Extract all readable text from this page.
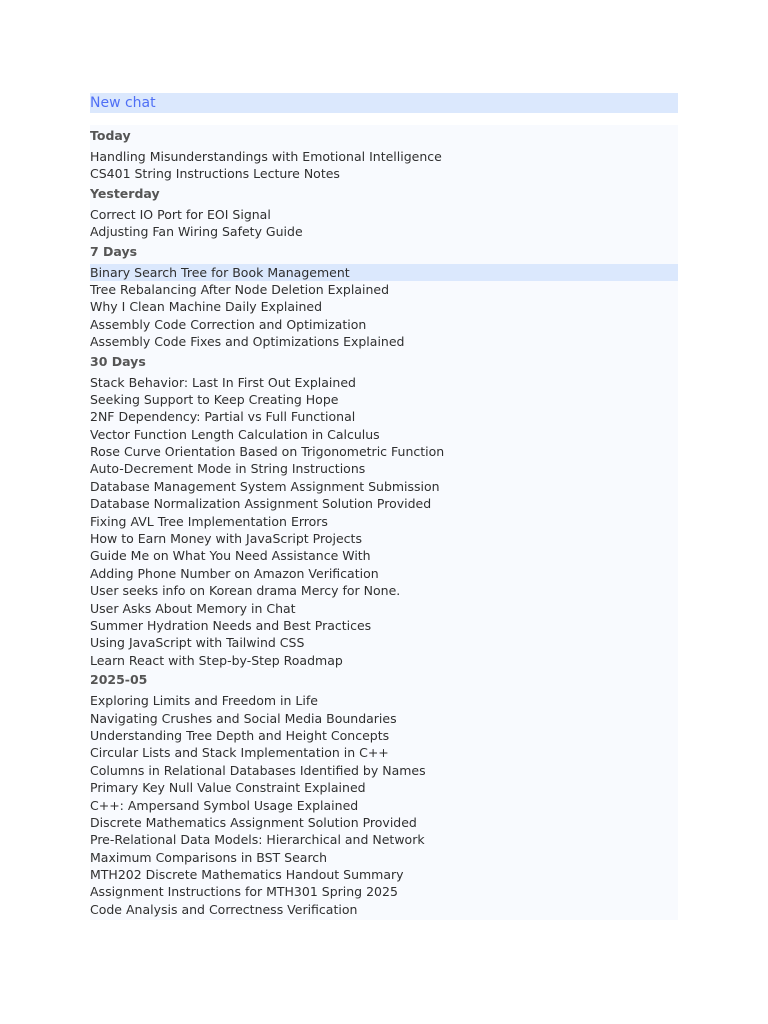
New chat
Today
Handling Misunderstandings with Emotional Intelligence
CS401 String Instructions Lecture Notes
Yesterday
Correct IO Port for EOI Signal
Adjusting Fan Wiring Safety Guide
7 Days
Binary Search Tree for Book Management
Tree Rebalancing After Node Deletion Explained
Why I Clean Machine Daily Explained
Assembly Code Correction and Optimization
Assembly Code Fixes and Optimizations Explained
30 Days
Stack Behavior: Last In First Out Explained
Seeking Support to Keep Creating Hope
2NF Dependency: Partial vs Full Functional
Vector Function Length Calculation in Calculus
Rose Curve Orientation Based on Trigonometric Function
Auto-Decrement Mode in String Instructions
Database Management System Assignment Submission
Database Normalization Assignment Solution Provided
Fixing AVL Tree Implementation Errors
How to Earn Money with JavaScript Projects
Guide Me on What You Need Assistance With
Adding Phone Number on Amazon Verification
User seeks info on Korean drama Mercy for None.
User Asks About Memory in Chat
Summer Hydration Needs and Best Practices
Using JavaScript with Tailwind CSS
Learn React with Step-by-Step Roadmap
2025-05
Exploring Limits and Freedom in Life
Navigating Crushes and Social Media Boundaries
Understanding Tree Depth and Height Concepts
Circular Lists and Stack Implementation in C++
Columns in Relational Databases Identified by Names
Primary Key Null Value Constraint Explained
C++: Ampersand Symbol Usage Explained
Discrete Mathematics Assignment Solution Provided
Pre-Relational Data Models: Hierarchical and Network
Maximum Comparisons in BST Search
MTH202 Discrete Mathematics Handout Summary
Assignment Instructions for MTH301 Spring 2025
Code Analysis and Correctness Verification
